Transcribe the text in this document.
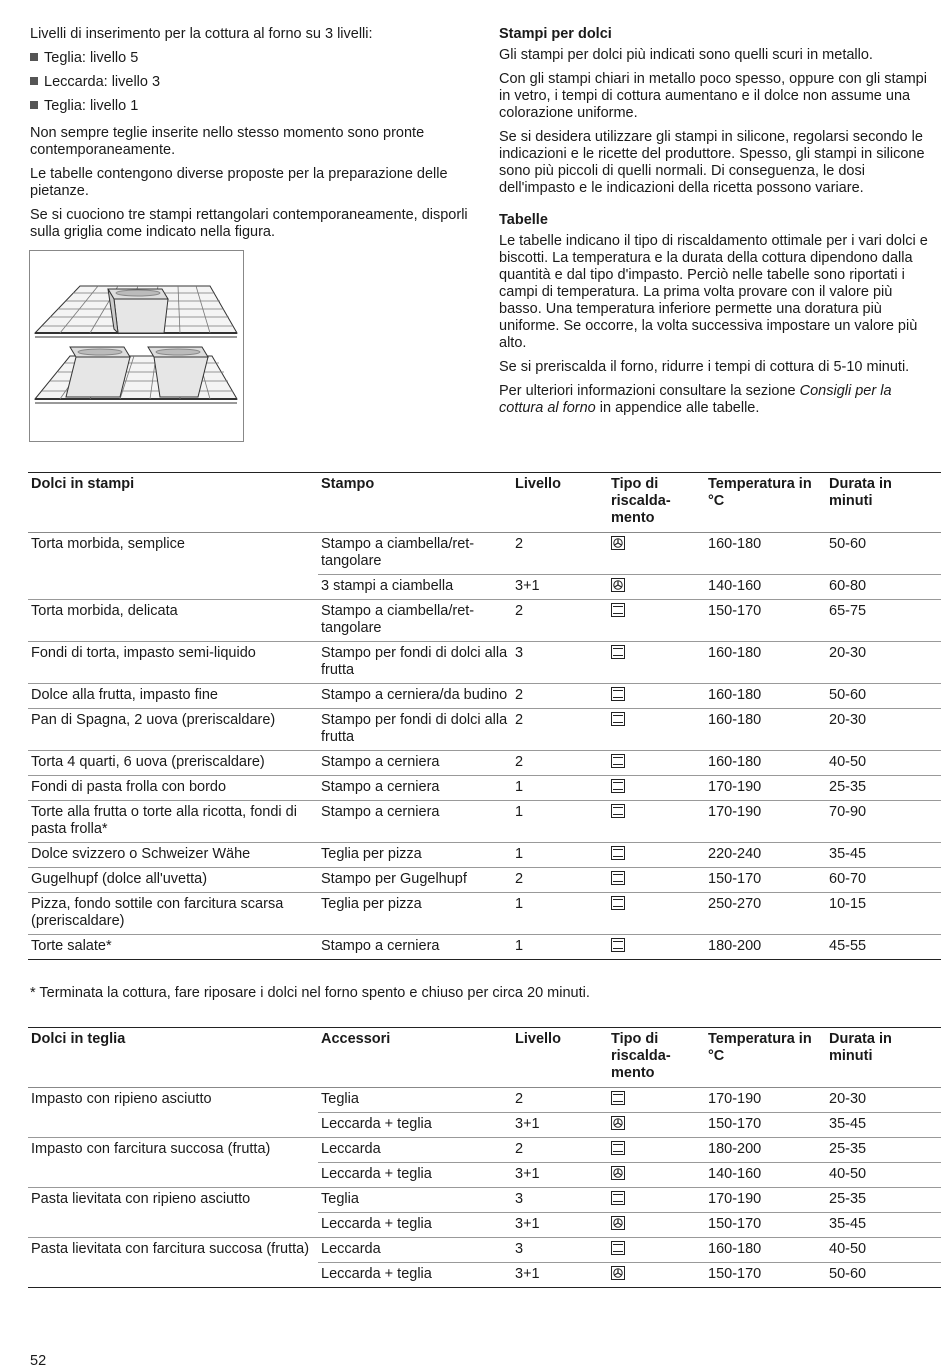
Livelli di inserimento per la cottura al forno su 3 livelli:

Teglia: livello 5
Leccarda: livello 3
Teglia: livello 1

Non sempre teglie inserite nello stesso momento sono pronte contemporaneamente.

Le tabelle contengono diverse proposte per la preparazione delle pietanze.

Se si cuociono tre stampi rettangolari contemporaneamente, disporli sulla griglia come indicato nella figura.

Stampi per dolci

Gli stampi per dolci più indicati sono quelli scuri in metallo.

Con gli stampi chiari in metallo poco spesso, oppure con gli stampi in vetro, i tempi di cottura aumentano e il dolce non assume una colorazione uniforme.

Se si desidera utilizzare gli stampi in silicone, regolarsi secondo le indicazioni e le ricette del produttore. Spesso, gli stampi in silicone sono più piccoli di quelli normali. Di conseguenza, le dosi dell'impasto e le indicazioni della ricetta possono variare.

Tabelle

Le tabelle indicano il tipo di riscaldamento ottimale per i vari dolci e biscotti. La temperatura e la durata della cottura dipendono dalla quantità e dal tipo d'impasto. Perciò nelle tabelle sono riportati i campi di temperatura. La prima volta provare con il valore più basso. Una temperatura inferiore permette una doratura più uniforme. Se occorre, la volta successiva impostare un valore più alto.

Se si preriscalda il forno, ridurre i tempi di cottura di 5-10 minuti.

Per ulteriori informazioni consultare la sezione Consigli per la cottura al forno in appendice alle tabelle.

Dolci in stampi	Stampo	Livello	Tipo di riscalda-mento	Temperatura in °C	Durata in minuti
Torta morbida, semplice	Stampo a ciambella/ret-tangolare	2		160-180	50-60
	3 stampi a ciambella	3+1		140-160	60-80
Torta morbida, delicata	Stampo a ciambella/ret-tangolare	2		150-170	65-75
Fondi di torta, impasto semi-liquido	Stampo per fondi di dolci alla frutta	3		160-180	20-30
Dolce alla frutta, impasto fine	Stampo a cerniera/da budino	2		160-180	50-60
Pan di Spagna, 2 uova (preriscaldare)	Stampo per fondi di dolci alla frutta	2		160-180	20-30
Torta 4 quarti, 6 uova (preriscaldare)	Stampo a cerniera	2		160-180	40-50
Fondi di pasta frolla con bordo	Stampo a cerniera	1		170-190	25-35
Torte alla frutta o torte alla ricotta, fondi di pasta frolla*	Stampo a cerniera	1		170-190	70-90
Dolce svizzero o Schweizer Wähe	Teglia per pizza	1		220-240	35-45
Gugelhupf (dolce all'uvetta)	Stampo per Gugelhupf	2		150-170	60-70
Pizza, fondo sottile con farcitura scarsa (preriscaldare)	Teglia per pizza	1		250-270	10-15
Torte salate*	Stampo a cerniera	1		180-200	45-55
* Terminata la cottura, fare riposare i dolci nel forno spento e chiuso per circa 20 minuti.
Dolci in teglia	Accessori	Livello	Tipo di riscalda-mento	Temperatura in °C	Durata in minuti
Impasto con ripieno asciutto	Teglia	2		170-190	20-30
	Leccarda + teglia	3+1		150-170	35-45
Impasto con farcitura succosa (frutta)	Leccarda	2		180-200	25-35
	Leccarda + teglia	3+1		140-160	40-50
Pasta lievitata con ripieno asciutto	Teglia	3		170-190	25-35
	Leccarda + teglia	3+1		150-170	35-45
Pasta lievitata con farcitura succosa (frutta)	Leccarda	3		160-180	40-50
	Leccarda + teglia	3+1		150-170	50-60
52
